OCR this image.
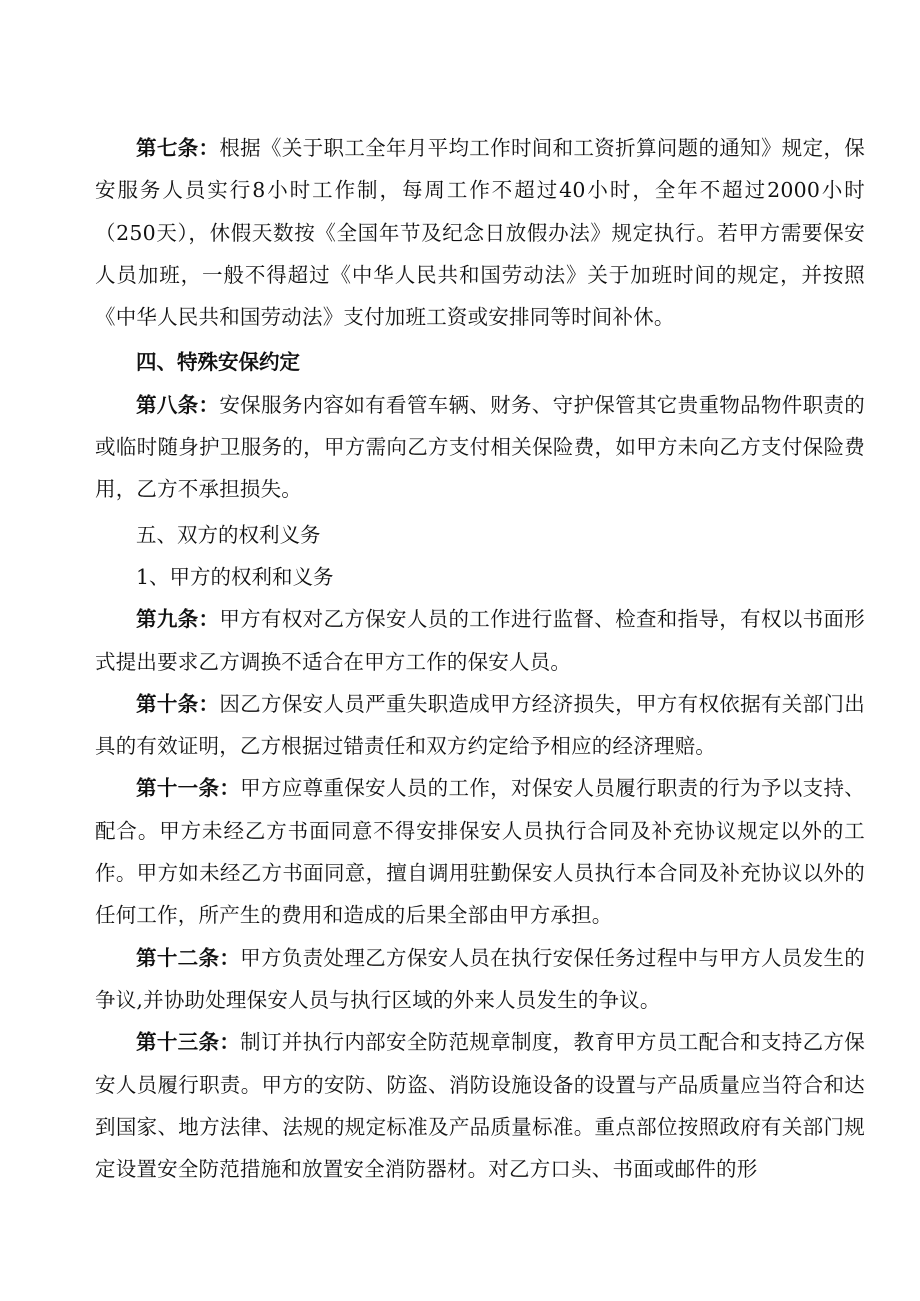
第七条：根据《关于职工全年月平均工作时间和工资折算问题的通知》规定，保安服务人员实行8小时工作制，每周工作不超过40小时，全年不超过2000小时（250天），休假天数按《全国年节及纪念日放假办法》规定执行。若甲方需要保安人员加班，一般不得超过《中华人民共和国劳动法》关于加班时间的规定，并按照《中华人民共和国劳动法》支付加班工资或安排同等时间补休。

四、特殊安保约定

第八条：安保服务内容如有看管车辆、财务、守护保管其它贵重物品物件职责的或临时随身护卫服务的，甲方需向乙方支付相关保险费，如甲方未向乙方支付保险费用，乙方不承担损失。

五、双方的权利义务

1、甲方的权利和义务

第九条：甲方有权对乙方保安人员的工作进行监督、检查和指导，有权以书面形式提出要求乙方调换不适合在甲方工作的保安人员。

第十条：因乙方保安人员严重失职造成甲方经济损失，甲方有权依据有关部门出具的有效证明，乙方根据过错责任和双方约定给予相应的经济理赔。

第十一条：甲方应尊重保安人员的工作，对保安人员履行职责的行为予以支持、配合。甲方未经乙方书面同意不得安排保安人员执行合同及补充协议规定以外的工作。甲方如未经乙方书面同意，擅自调用驻勤保安人员执行本合同及补充协议以外的任何工作，所产生的费用和造成的后果全部由甲方承担。

第十二条：甲方负责处理乙方保安人员在执行安保任务过程中与甲方人员发生的争议,并协助处理保安人员与执行区域的外来人员发生的争议。

第十三条：制订并执行内部安全防范规章制度，教育甲方员工配合和支持乙方保安人员履行职责。甲方的安防、防盗、消防设施设备的设置与产品质量应当符合和达到国家、地方法律、法规的规定标准及产品质量标准。重点部位按照政府有关部门规定设置安全防范措施和放置安全消防器材。对乙方口头、书面或邮件的形
